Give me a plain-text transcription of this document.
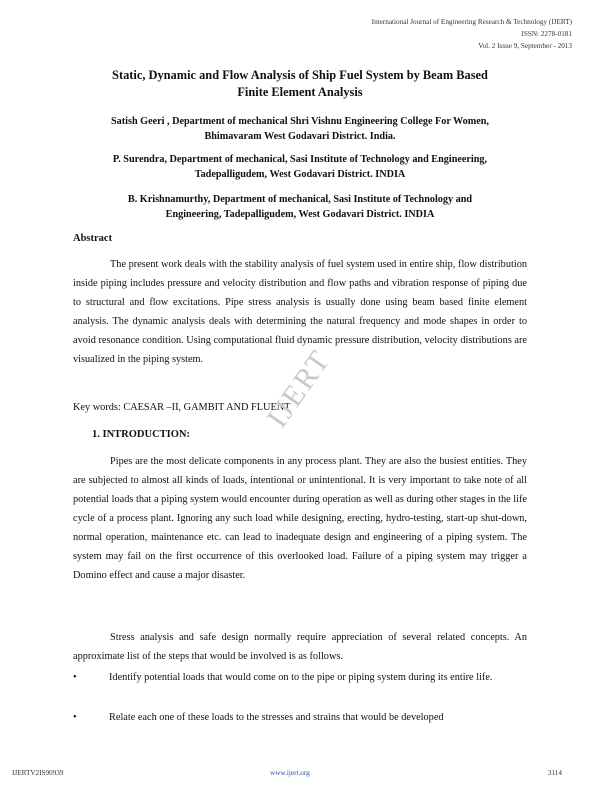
International Journal of Engineering Research & Technology (IJERT)
ISSN: 2278-0181
Vol. 2 Issue 9, September - 2013
Static, Dynamic and Flow Analysis of Ship Fuel System by Beam Based
Finite Element Analysis
Satish Geeri , Department of mechanical Shri Vishnu Engineering College For Women,
Bhimavaram West Godavari District. India.
P. Surendra, Department of mechanical, Sasi Institute of Technology and Engineering,
Tadepalligudem, West Godavari District. INDIA
B. Krishnamurthy, Department of mechanical, Sasi Institute of Technology and
Engineering, Tadepalligudem, West Godavari District. INDIA
Abstract
The present work deals with the stability analysis of fuel system used in entire ship, flow distribution inside piping includes pressure and velocity distribution and flow paths and vibration response of piping due to structural and flow excitations. Pipe stress analysis is usually done using beam based finite element analysis. The dynamic analysis deals with determining the natural frequency and mode shapes in order to avoid resonance condition. Using computational fluid dynamic pressure distribution, velocity distributions are visualized in the piping system.
Key words: CAESAR –II, GAMBIT AND FLUENT
IJERT
1. INTRODUCTION:
Pipes are the most delicate components in any process plant. They are also the busiest entities. They are subjected to almost all kinds of loads, intentional or unintentional. It is very important to take note of all potential loads that a piping system would encounter during operation as well as during other stages in the life cycle of a process plant. Ignoring any such load while designing, erecting, hydro-testing, start-up shut-down, normal operation, maintenance etc. can lead to inadequate design and engineering of a piping system. The system may fail on the first occurrence of this overlooked load. Failure of a piping system may trigger a Domino effect and cause a major disaster.
Stress analysis and safe design normally require appreciation of several related concepts. An approximate list of the steps that would be involved is as follows.
•	Identify potential loads that would come on to the pipe or piping system during its entire life.
•	Relate each one of these loads to the stresses and strains that would be developed
IJERTV2IS90939	www.ijert.org	3114
